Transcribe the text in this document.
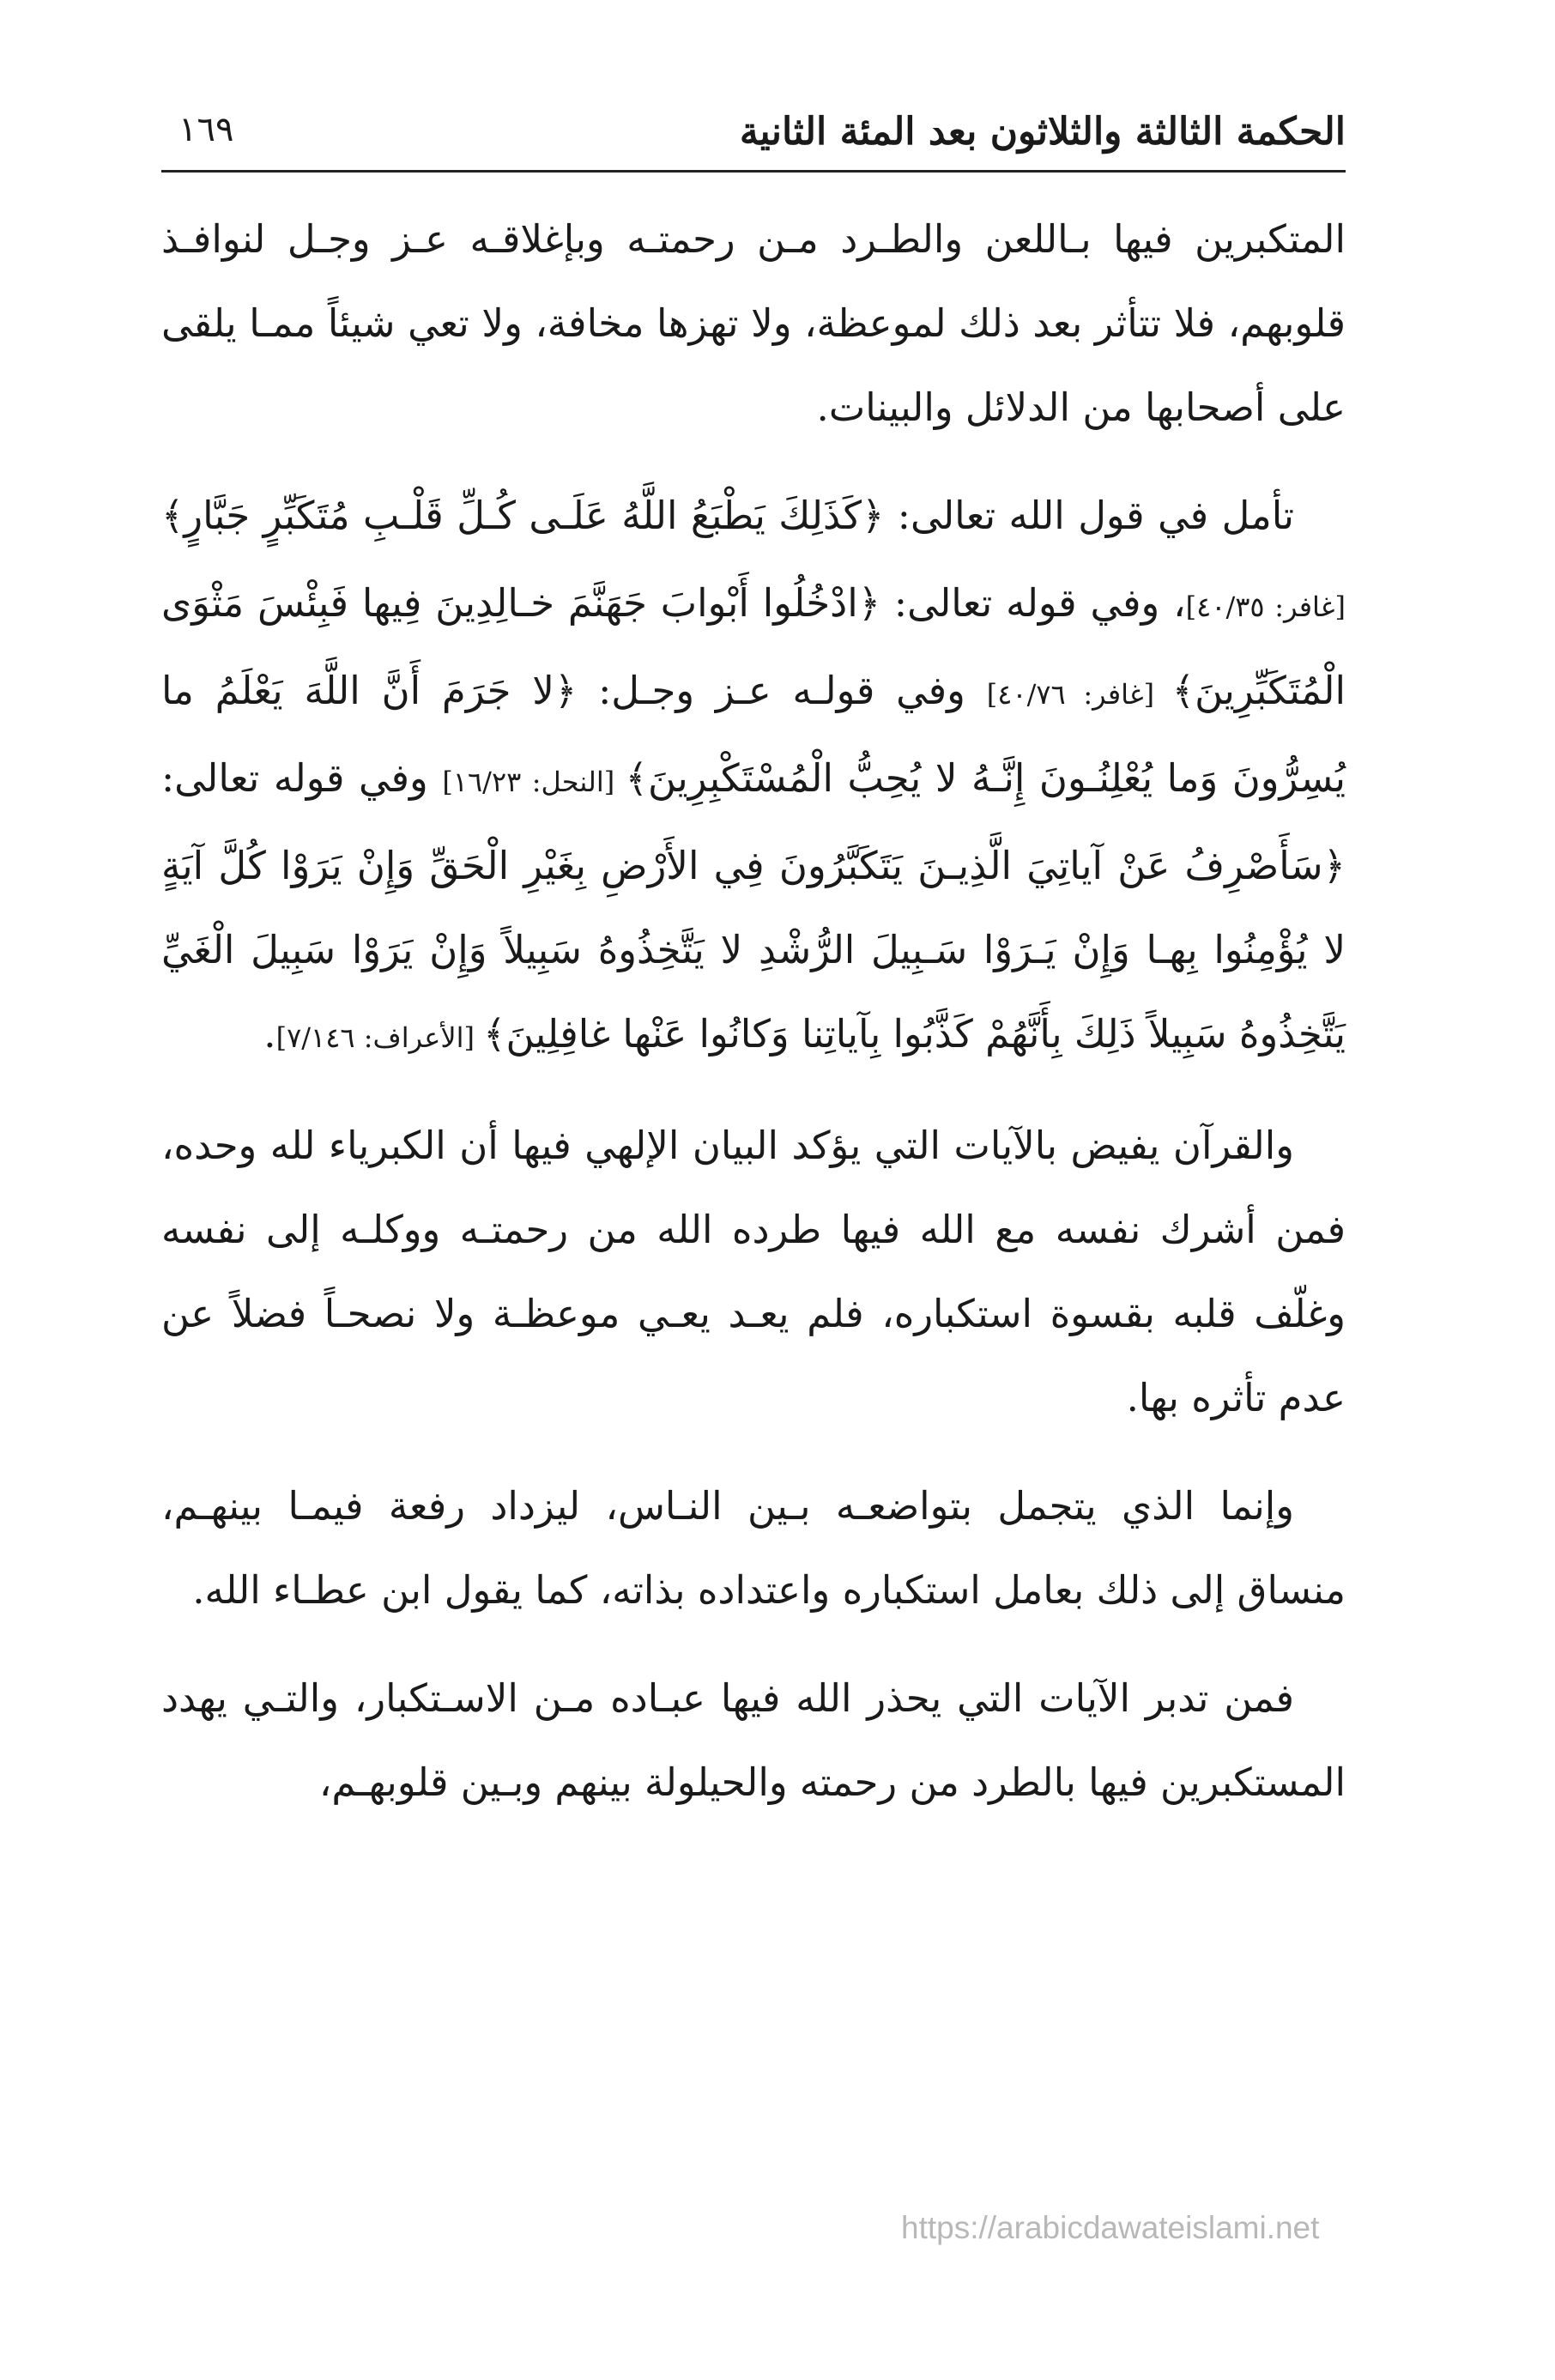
الحكمة الثالثة والثلاثون بعد المئة الثانية
١٦٩

المتكبرين فيها بـاللعن والطـرد مـن رحمتـه وبإغلاقـه عـز وجـل لنوافـذ قلوبهم، فلا تتأثر بعد ذلك لموعظة، ولا تهزها مخافة، ولا تعي شيئاً ممـا يلقى على أصحابها من الدلائل والبينات.

تأمل في قول الله تعالى: ﴿كَذَلِكَ يَطْبَعُ اللَّهُ عَلَـى كُـلِّ قَلْـبِ مُتَكَبِّرٍ جَبَّارٍ﴾ [غافر: ٤٠/٣٥]، وفي قوله تعالى: ﴿ادْخُلُوا أَبْوابَ جَهَنَّمَ خـالِدِينَ فِيها فَبِئْسَ مَثْوَى الْمُتَكَبِّرِينَ﴾ [غافر: ٤٠/٧٦] وفي قولـه عـز وجـل: ﴿لا جَرَمَ أَنَّ اللَّهَ يَعْلَمُ ما يُسِرُّونَ وَما يُعْلِنُـونَ إِنَّـهُ لا يُحِبُّ الْمُسْتَكْبِرِينَ﴾ [النحل: ١٦/٢٣] وفي قوله تعالى: ﴿سَأَصْرِفُ عَنْ آياتِيَ الَّذِيـنَ يَتَكَبَّرُونَ فِي الأَرْضِ بِغَيْرِ الْحَقِّ وَإِنْ يَرَوْا كُلَّ آيَةٍ لا يُؤْمِنُوا بِهـا وَإِنْ يَـرَوْا سَـبِيلَ الرُّشْدِ لا يَتَّخِذُوهُ سَبِيلاً وَإِنْ يَرَوْا سَبِيلَ الْغَيِّ يَتَّخِذُوهُ سَبِيلاً ذَلِكَ بِأَنَّهُمْ كَذَّبُوا بِآياتِنا وَكانُوا عَنْها غافِلِينَ﴾ [الأعراف: ٧/١٤٦].

والقرآن يفيض بالآيات التي يؤكد البيان الإلهي فيها أن الكبرياء لله وحده، فمن أشرك نفسه مع الله فيها طرده الله من رحمتـه ووكلـه إلى نفسه وغلّف قلبه بقسوة استكباره، فلم يعـد يعـي موعظـة ولا نصحـاً فضلاً عن عدم تأثره بها.

وإنما الذي يتجمل بتواضعـه بـين النـاس، ليزداد رفعة فيمـا بينهـم، منساق إلى ذلك بعامل استكباره واعتداده بذاته، كما يقول ابن عطـاء الله.

فمن تدبر الآيات التي يحذر الله فيها عبـاده مـن الاسـتكبار، والتـي يهدد المستكبرين فيها بالطرد من رحمته والحيلولة بينهم وبـين قلوبهـم،

https://arabicdawateislami.net
